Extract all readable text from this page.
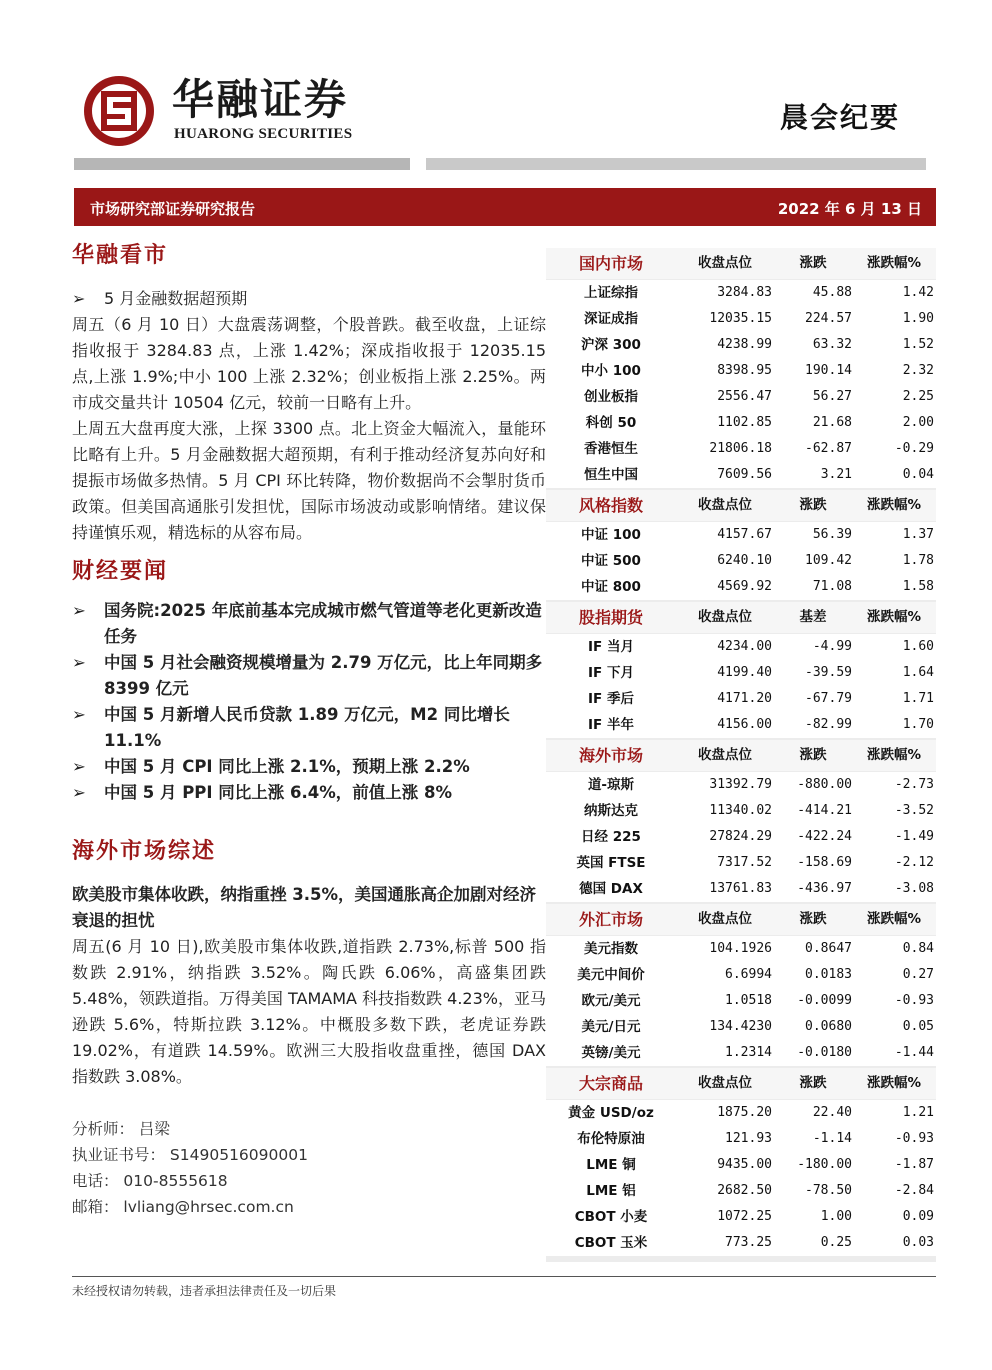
华融证券
HUARONG SECURITIES	晨会纪要
市场研究部证券研究报告	2022 年 6 月 13 日
华融看市
➢	5 月金融数据超预期

周五（6 月 10 日）大盘震荡调整，个股普跌。截至收盘，上证综指收报于 3284.83 点，上涨 1.42%；深成指收报于 12035.15 点,上涨 1.9%;中小 100 上涨 2.32%；创业板指上涨 2.25%。两市成交量共计 10504 亿元，较前一日略有上升。

上周五大盘再度大涨，上探 3300 点。北上资金大幅流入，量能环比略有上升。5 月金融数据大超预期，有利于推动经济复苏向好和提振市场做多热情。5 月 CPI 环比转降，物价数据尚不会掣肘货币政策。但美国高通胀引发担忧，国际市场波动或影响情绪。建议保持谨慎乐观，精选标的从容布局。

财经要闻
➢	国务院:2025 年底前基本完成城市燃气管道等老化更新改造任务
➢	中国 5 月社会融资规模增量为 2.79 万亿元，比上年同期多 8399 亿元
➢	中国 5 月新增人民币贷款 1.89 万亿元，M2 同比增长 11.1%
➢	中国 5 月 CPI 同比上涨 2.1%，预期上涨 2.2%
➢	中国 5 月 PPI 同比上涨 6.4%，前值上涨 8%
海外市场综述

欧美股市集体收跌，纳指重挫 3.5%，美国通胀高企加剧对经济衰退的担忧

周五(6 月 10 日),欧美股市集体收跌,道指跌 2.73%,标普 500 指数跌 2.91%，纳指跌 3.52%。陶氏跌 6.06%，高盛集团跌 5.48%，领跌道指。万得美国 TAMAMA 科技指数跌 4.23%，亚马逊跌 5.6%，特斯拉跌 3.12%。中概股多数下跌，老虎证券跌 19.02%，有道跌 14.59%。欧洲三大股指收盘重挫，德国 DAX 指数跌 3.08%。

分析师： 吕梁
执业证书号： S1490516090001
电话： 010-8555618
邮箱： lvliang@hrsec.com.cn
国内市场	收盘点位	涨跌	涨跌幅%
上证综指	3284.83	45.88	1.42
深证成指	12035.15	224.57	1.90
沪深 300	4238.99	63.32	1.52
中小 100	8398.95	190.14	2.32
创业板指	2556.47	56.27	2.25
科创 50	1102.85	21.68	2.00
香港恒生	21806.18	-62.87	-0.29
恒生中国	7609.56	3.21	0.04
风格指数	收盘点位	涨跌	涨跌幅%
中证 100	4157.67	56.39	1.37
中证 500	6240.10	109.42	1.78
中证 800	4569.92	71.08	1.58
股指期货	收盘点位	基差	涨跌幅%
IF 当月	4234.00	-4.99	1.60
IF 下月	4199.40	-39.59	1.64
IF 季后	4171.20	-67.79	1.71
IF 半年	4156.00	-82.99	1.70
海外市场	收盘点位	涨跌	涨跌幅%
道-琼斯	31392.79	-880.00	-2.73
纳斯达克	11340.02	-414.21	-3.52
日经 225	27824.29	-422.24	-1.49
英国 FTSE	7317.52	-158.69	-2.12
德国 DAX	13761.83	-436.97	-3.08
外汇市场	收盘点位	涨跌	涨跌幅%
美元指数	104.1926	0.8647	0.84
美元中间价	6.6994	0.0183	0.27
欧元/美元	1.0518	-0.0099	-0.93
美元/日元	134.4230	0.0680	0.05
英镑/美元	1.2314	-0.0180	-1.44
大宗商品	收盘点位	涨跌	涨跌幅%
黄金 USD/oz	1875.20	22.40	1.21
布伦特原油	121.93	-1.14	-0.93
LME 铜	9435.00	-180.00	-1.87
LME 铝	2682.50	-78.50	-2.84
CBOT 小麦	1072.25	1.00	0.09
CBOT 玉米	773.25	0.25	0.03
未经授权请勿转载，违者承担法律责任及一切后果
